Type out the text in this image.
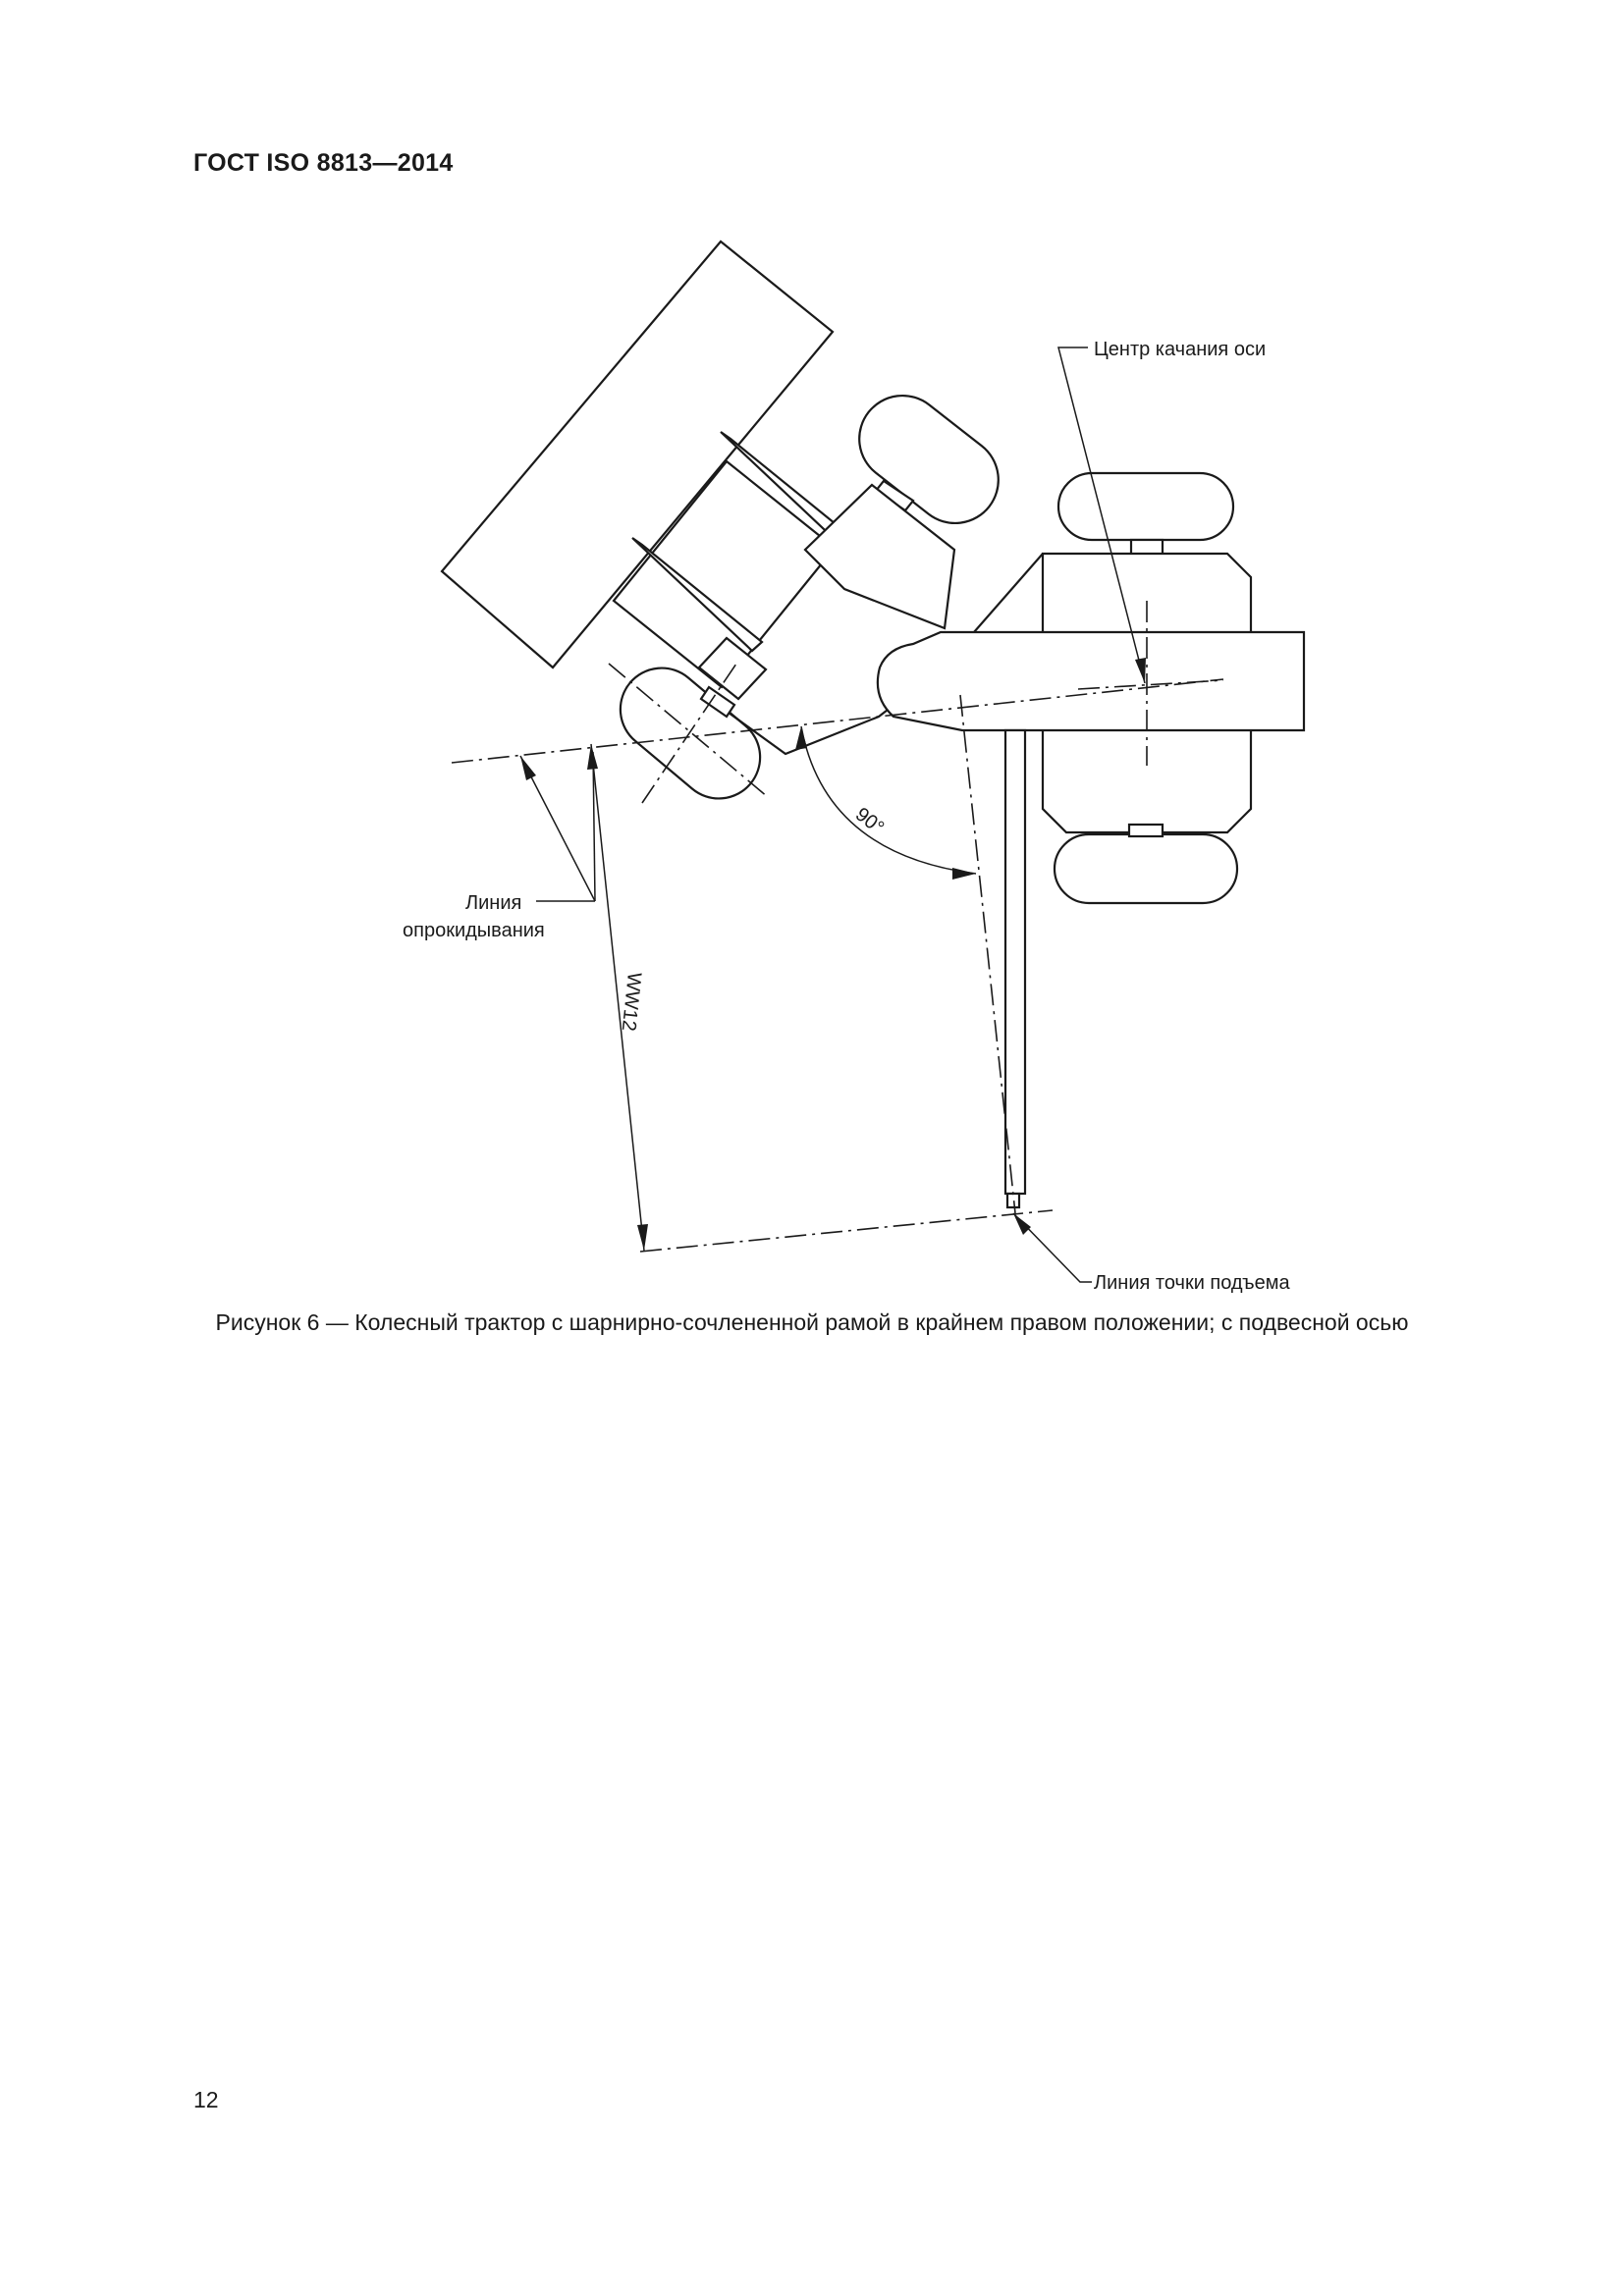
ГОСТ ISO 8813—2014
Центр качания оси
Линия
опрокидывания
WW12
90°
Линия точки подъема
Рисунок 6 — Колесный трактор с шарнирно-сочлененной рамой в крайнем правом положении; с подвесной осью
12
